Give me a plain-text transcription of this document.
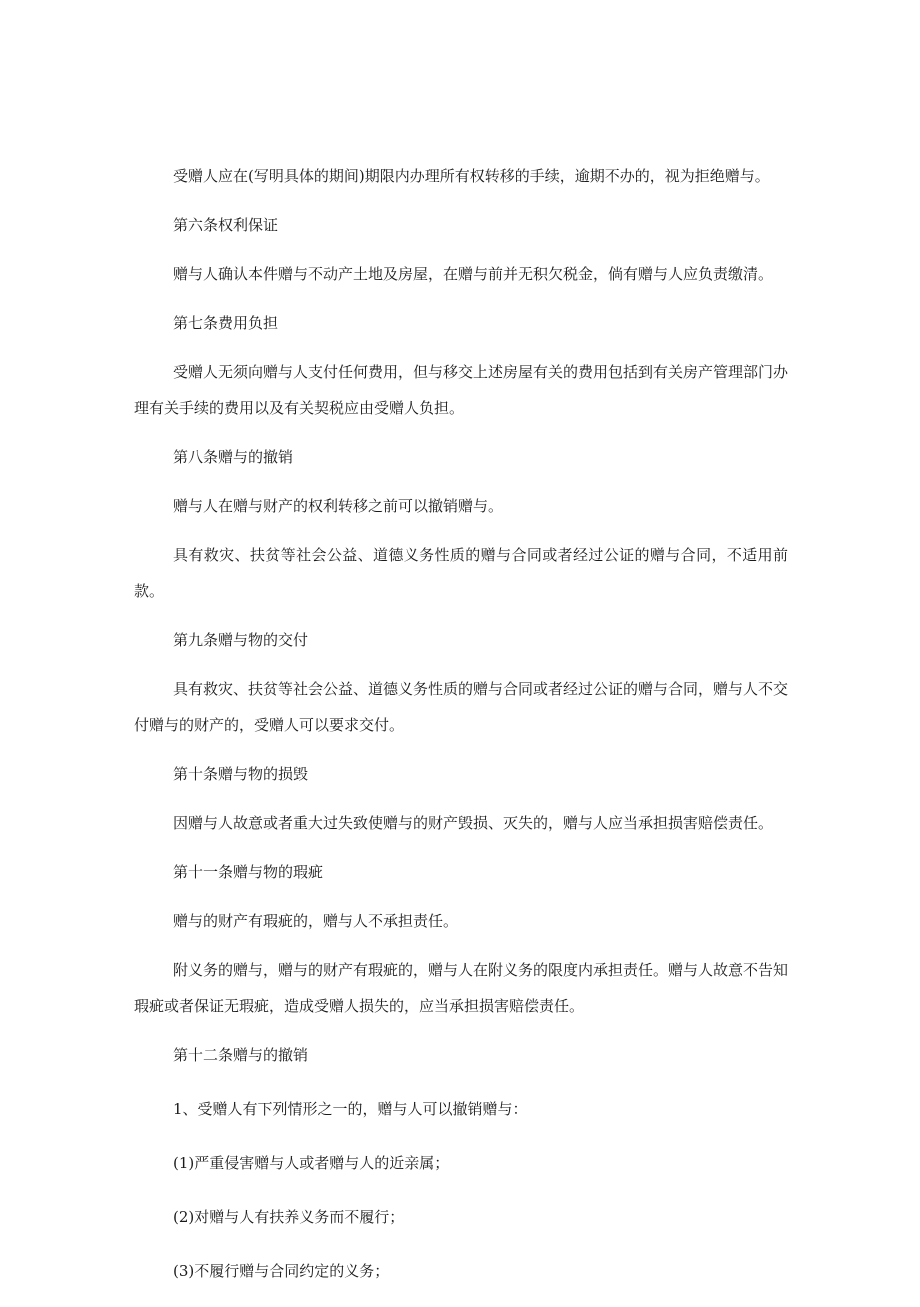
受赠人应在(写明具体的期间)期限内办理所有权转移的手续，逾期不办的，视为拒绝赠与。

第六条权利保证

赠与人确认本件赠与不动产土地及房屋，在赠与前并无积欠税金，倘有赠与人应负责缴清。

第七条费用负担

受赠人无须向赠与人支付任何费用，但与移交上述房屋有关的费用包括到有关房产管理部门办理有关手续的费用以及有关契税应由受赠人负担。

第八条赠与的撤销

赠与人在赠与财产的权利转移之前可以撤销赠与。

具有救灾、扶贫等社会公益、道德义务性质的赠与合同或者经过公证的赠与合同，不适用前款。

第九条赠与物的交付

具有救灾、扶贫等社会公益、道德义务性质的赠与合同或者经过公证的赠与合同，赠与人不交付赠与的财产的，受赠人可以要求交付。

第十条赠与物的损毁

因赠与人故意或者重大过失致使赠与的财产毁损、灭失的，赠与人应当承担损害赔偿责任。

第十一条赠与物的瑕疵

赠与的财产有瑕疵的，赠与人不承担责任。

附义务的赠与，赠与的财产有瑕疵的，赠与人在附义务的限度内承担责任。赠与人故意不告知瑕疵或者保证无瑕疵，造成受赠人损失的，应当承担损害赔偿责任。

第十二条赠与的撤销

1、受赠人有下列情形之一的，赠与人可以撤销赠与：

(1)严重侵害赠与人或者赠与人的近亲属；

(2)对赠与人有扶养义务而不履行；

(3)不履行赠与合同约定的义务；
